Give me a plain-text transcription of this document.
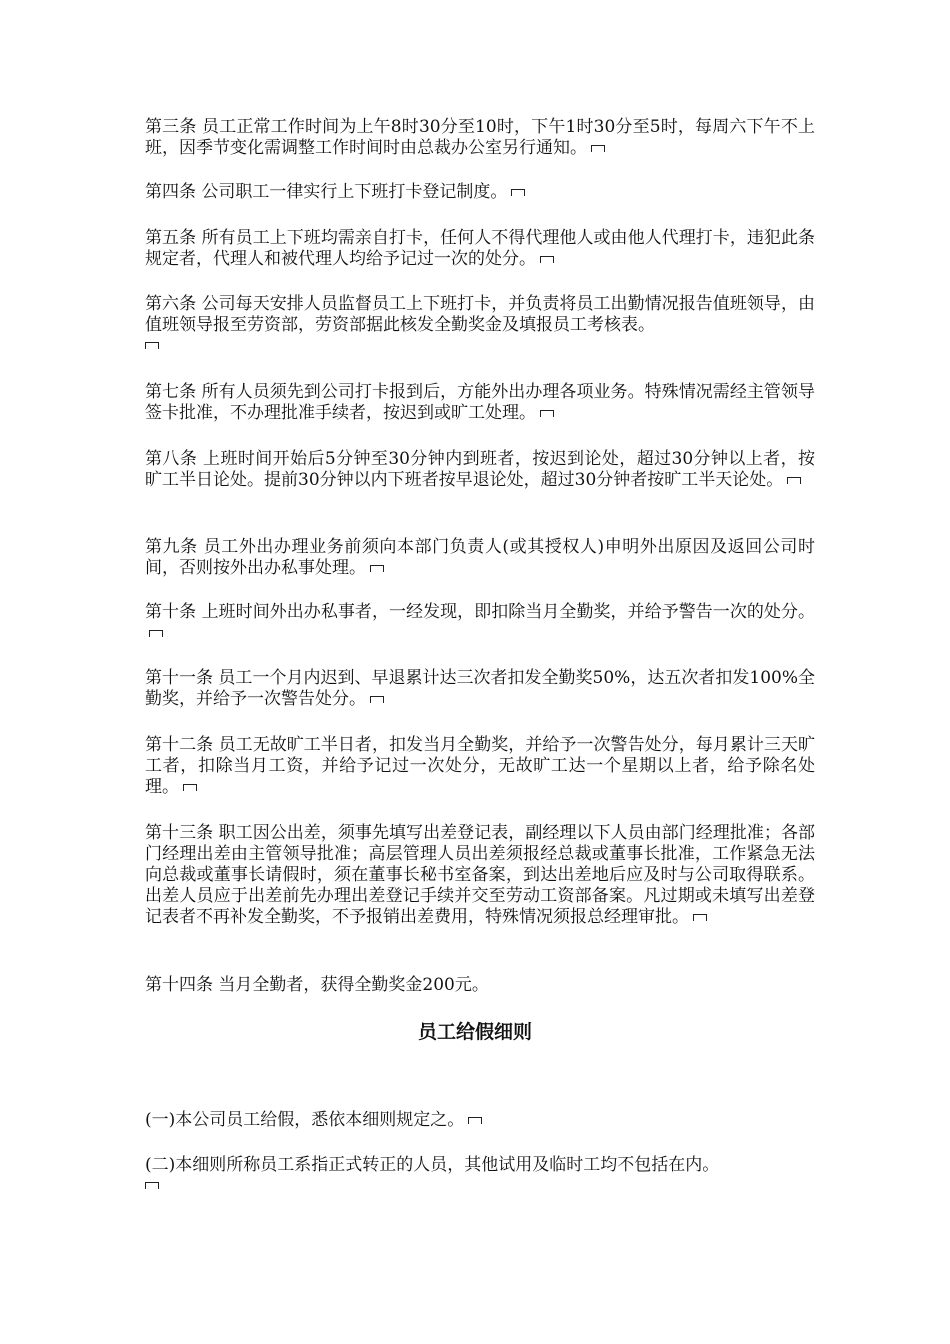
第三条 员工正常工作时间为上午8时30分至10时，下午1时30分至5时，每周六下午不上班，因季节变化需调整工作时间时由总裁办公室另行通知。

第四条 公司职工一律实行上下班打卡登记制度。

第五条 所有员工上下班均需亲自打卡，任何人不得代理他人或由他人代理打卡，违犯此条规定者，代理人和被代理人均给予记过一次的处分。

第六条 公司每天安排人员监督员工上下班打卡，并负责将员工出勤情况报告值班领导，由值班领导报至劳资部，劳资部据此核发全勤奖金及填报员工考核表。

第七条 所有人员须先到公司打卡报到后，方能外出办理各项业务。特殊情况需经主管领导签卡批准，不办理批准手续者，按迟到或旷工处理。

第八条 上班时间开始后5分钟至30分钟内到班者，按迟到论处，超过30分钟以上者，按旷工半日论处。提前30分钟以内下班者按早退论处，超过30分钟者按旷工半天论处。

第九条 员工外出办理业务前须向本部门负责人(或其授权人)申明外出原因及返回公司时间，否则按外出办私事处理。

第十条 上班时间外出办私事者，一经发现，即扣除当月全勤奖，并给予警告一次的处分。

第十一条 员工一个月内迟到、早退累计达三次者扣发全勤奖50%，达五次者扣发100%全勤奖，并给予一次警告处分。

第十二条 员工无故旷工半日者，扣发当月全勤奖，并给予一次警告处分，每月累计三天旷工者，扣除当月工资，并给予记过一次处分，无故旷工达一个星期以上者，给予除名处理。

第十三条 职工因公出差，须事先填写出差登记表，副经理以下人员由部门经理批准；各部门经理出差由主管领导批准；高层管理人员出差须报经总裁或董事长批准，工作紧急无法向总裁或董事长请假时，须在董事长秘书室备案，到达出差地后应及时与公司取得联系。出差人员应于出差前先办理出差登记手续并交至劳动工资部备案。凡过期或未填写出差登记表者不再补发全勤奖，不予报销出差费用，特殊情况须报总经理审批。

第十四条 当月全勤者，获得全勤奖金200元。

员工给假细则

(一)本公司员工给假，悉依本细则规定之。

(二)本细则所称员工系指正式转正的人员，其他试用及临时工均不包括在内。
